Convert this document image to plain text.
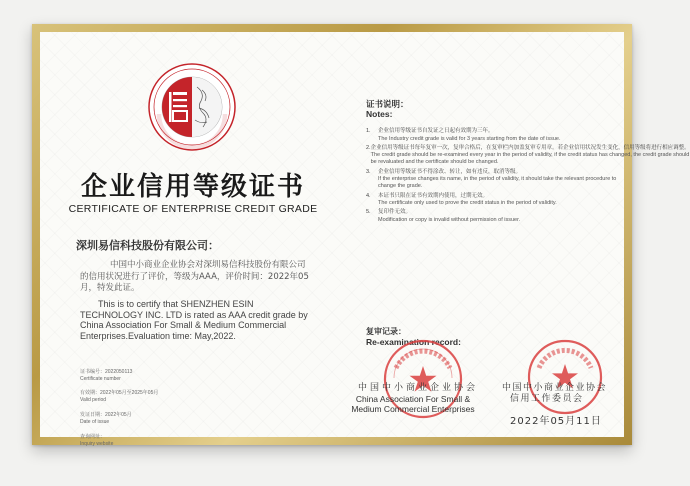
企业信用等级证书
CERTIFICATE OF ENTERPRISE CREDIT GRADE
深圳易信科技股份有限公司：
中国中小商业企业协会对深圳易信科技股份有限公司的信用状况进行了评价，等级为AAA，评价时间：2022年05月，特发此证。
This is to certify that SHENZHEN ESIN TECHNOLOGY INC. LTD is rated as AAA credit grade by China Association For Small & Medium Commercial Enterprises.Evaluation time: May,2022.
证书编号：2022050113
Certificate number
有效期：2022年05月至2025年05月
Valid period
发证日期：2022年05月
Date of issue
查询网址：
Inquiry website
证书说明：
Notes:
1.	企业信用等级证书自发证之日起有效期为三年。
The Industry credit grade is valid for 3 years starting from the date of issue.
2. 企业信用等级证书每年复审一次，复审合格后，在复审栏内加盖复审专用章。若企业信用状况发生变化，信用等级将进行相应调整。
The credit grade should be re-examined every year in the period of validity, if the credit status has changed, the credit grade should be revaluated and the certificate should be changed.
3.	企业信用等级证书不得涂改、转让，如有违反，取消等级。
If the enterprise changes its name, in the period of validity, it should take the relevant procedure to change the grade.
4.	本证书只限在证书有效期内使用，过期无效。
The certificate only used to prove the credit status in the period of validity.
5.	复印件无效。
Modification or copy is invalid without permission of issuer.
复审记录：
Re-examination record:
中国中小商业企业协会
China Association For Small & Medium Commercial Enterprises
中国中小商业企业协会
信用工作委员会
2022年05月11日
